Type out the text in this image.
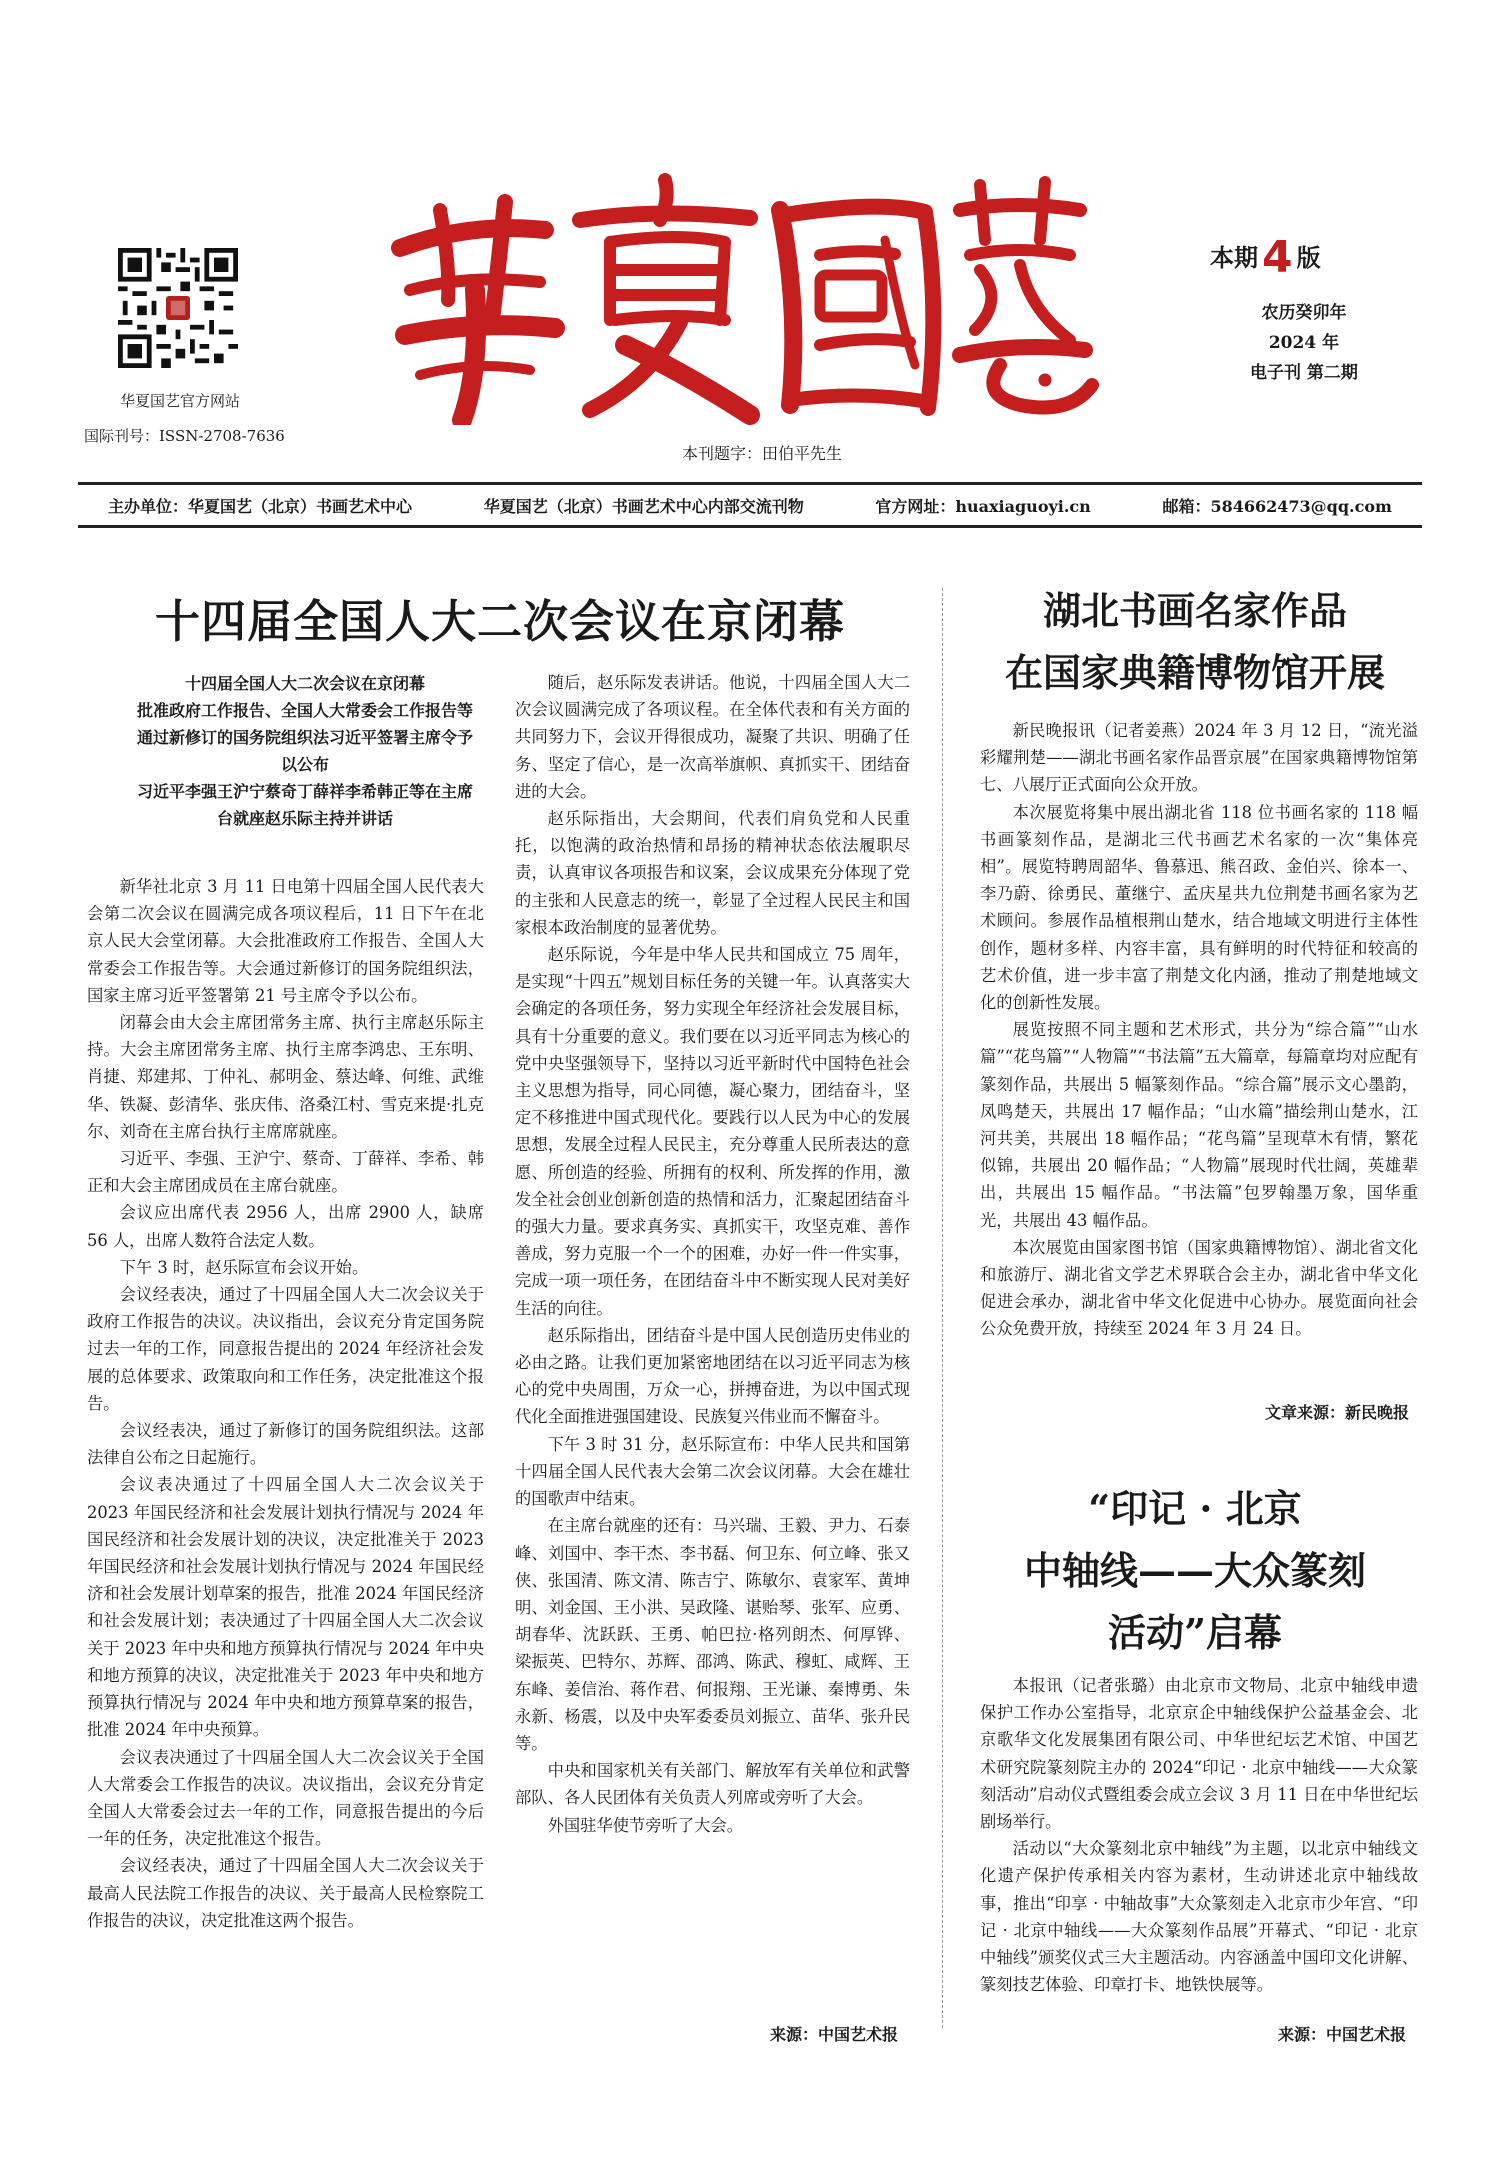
华夏国艺官方网站
国际刊号：ISSN-2708-7636
本刊题字：田伯平先生
本期4 版
农历癸卯年
2024 年
电子刊 第二期
主办单位：华夏国艺（北京）书画艺术中心	华夏国艺（北京）书画艺术中心内部交流刊物	官方网址：huaxiaguoyi.cn	邮箱：584662473@qq.com
十四届全国人大二次会议在京闭幕
十四届全国人大二次会议在京闭幕
批准政府工作报告、全国人大常委会工作报告等
通过新修订的国务院组织法习近平签署主席令予
以公布
习近平李强王沪宁蔡奇丁薛祥李希韩正等在主席
台就座赵乐际主持并讲话

新华社北京 3 月 11 日电第十四届全国人民代表大会第二次会议在圆满完成各项议程后，11 日下午在北京人民大会堂闭幕。大会批准政府工作报告、全国人大常委会工作报告等。大会通过新修订的国务院组织法，国家主席习近平签署第 21 号主席令予以公布。

闭幕会由大会主席团常务主席、执行主席赵乐际主持。大会主席团常务主席、执行主席李鸿忠、王东明、肖捷、郑建邦、丁仲礼、郝明金、蔡达峰、何维、武维华、铁凝、彭清华、张庆伟、洛桑江村、雪克来提·扎克尔、刘奇在主席台执行主席席就座。

习近平、李强、王沪宁、蔡奇、丁薛祥、李希、韩正和大会主席团成员在主席台就座。

会议应出席代表 2956 人，出席 2900 人，缺席 56 人，出席人数符合法定人数。

下午 3 时，赵乐际宣布会议开始。

会议经表决，通过了十四届全国人大二次会议关于政府工作报告的决议。决议指出，会议充分肯定国务院过去一年的工作，同意报告提出的 2024 年经济社会发展的总体要求、政策取向和工作任务，决定批准这个报告。

会议经表决，通过了新修订的国务院组织法。这部法律自公布之日起施行。

会议表决通过了十四届全国人大二次会议关于 2023 年国民经济和社会发展计划执行情况与 2024 年国民经济和社会发展计划的决议，决定批准关于 2023 年国民经济和社会发展计划执行情况与 2024 年国民经济和社会发展计划草案的报告，批准 2024 年国民经济和社会发展计划；表决通过了十四届全国人大二次会议关于 2023 年中央和地方预算执行情况与 2024 年中央和地方预算的决议，决定批准关于 2023 年中央和地方预算执行情况与 2024 年中央和地方预算草案的报告，批准 2024 年中央预算。

会议表决通过了十四届全国人大二次会议关于全国人大常委会工作报告的决议。决议指出，会议充分肯定全国人大常委会过去一年的工作，同意报告提出的今后一年的任务，决定批准这个报告。

会议经表决，通过了十四届全国人大二次会议关于最高人民法院工作报告的决议、关于最高人民检察院工作报告的决议，决定批准这两个报告。

随后，赵乐际发表讲话。他说，十四届全国人大二次会议圆满完成了各项议程。在全体代表和有关方面的共同努力下，会议开得很成功，凝聚了共识、明确了任务、坚定了信心，是一次高举旗帜、真抓实干、团结奋进的大会。

赵乐际指出，大会期间，代表们肩负党和人民重托，以饱满的政治热情和昂扬的精神状态依法履职尽责，认真审议各项报告和议案，会议成果充分体现了党的主张和人民意志的统一，彰显了全过程人民民主和国家根本政治制度的显著优势。

赵乐际说，今年是中华人民共和国成立 75 周年，是实现“十四五”规划目标任务的关键一年。认真落实大会确定的各项任务，努力实现全年经济社会发展目标，具有十分重要的意义。我们要在以习近平同志为核心的党中央坚强领导下，坚持以习近平新时代中国特色社会主义思想为指导，同心同德，凝心聚力，团结奋斗，坚定不移推进中国式现代化。要践行以人民为中心的发展思想，发展全过程人民民主，充分尊重人民所表达的意愿、所创造的经验、所拥有的权利、所发挥的作用，激发全社会创业创新创造的热情和活力，汇聚起团结奋斗的强大力量。要求真务实、真抓实干，攻坚克难、善作善成，努力克服一个一个的困难，办好一件一件实事，完成一项一项任务，在团结奋斗中不断实现人民对美好生活的向往。

赵乐际指出，团结奋斗是中国人民创造历史伟业的必由之路。让我们更加紧密地团结在以习近平同志为核心的党中央周围，万众一心，拼搏奋进，为以中国式现代化全面推进强国建设、民族复兴伟业而不懈奋斗。

下午 3 时 31 分，赵乐际宣布：中华人民共和国第十四届全国人民代表大会第二次会议闭幕。大会在雄壮的国歌声中结束。

在主席台就座的还有：马兴瑞、王毅、尹力、石泰峰、刘国中、李干杰、李书磊、何卫东、何立峰、张又侠、张国清、陈文清、陈吉宁、陈敏尔、袁家军、黄坤明、刘金国、王小洪、吴政隆、谌贻琴、张军、应勇、胡春华、沈跃跃、王勇、帕巴拉·格列朗杰、何厚铧、梁振英、巴特尔、苏辉、邵鸿、陈武、穆虹、咸辉、王东峰、姜信治、蒋作君、何报翔、王光谦、秦博勇、朱永新、杨震，以及中央军委委员刘振立、苗华、张升民等。

中央和国家机关有关部门、解放军有关单位和武警部队、各人民团体有关负责人列席或旁听了大会。

外国驻华使节旁听了大会。

来源：中国艺术报
湖北书画名家作品
在国家典籍博物馆开展

新民晚报讯（记者姜燕）2024 年 3 月 12 日，“流光溢彩耀荆楚——湖北书画名家作品晋京展”在国家典籍博物馆第七、八展厅正式面向公众开放。

本次展览将集中展出湖北省 118 位书画名家的 118 幅书画篆刻作品，是湖北三代书画艺术名家的一次“集体亮相”。展览特聘周韶华、鲁慕迅、熊召政、金伯兴、徐本一、李乃蔚、徐勇民、董继宁、孟庆星共九位荆楚书画名家为艺术顾问。参展作品植根荆山楚水，结合地域文明进行主体性创作，题材多样、内容丰富，具有鲜明的时代特征和较高的艺术价值，进一步丰富了荆楚文化内涵，推动了荆楚地域文化的创新性发展。

展览按照不同主题和艺术形式，共分为“综合篇”“山水篇”“花鸟篇”“人物篇”“书法篇”五大篇章，每篇章均对应配有篆刻作品，共展出 5 幅篆刻作品。“综合篇”展示文心墨韵，凤鸣楚天，共展出 17 幅作品；“山水篇”描绘荆山楚水，江河共美，共展出 18 幅作品；“花鸟篇”呈现草木有情，繁花似锦，共展出 20 幅作品；“人物篇”展现时代壮阔，英雄辈出，共展出 15 幅作品。“书法篇”包罗翰墨万象，国华重光，共展出 43 幅作品。

本次展览由国家图书馆（国家典籍博物馆）、湖北省文化和旅游厅、湖北省文学艺术界联合会主办，湖北省中华文化促进会承办，湖北省中华文化促进中心协办。展览面向社会公众免费开放，持续至 2024 年 3 月 24 日。

文章来源：新民晚报
“印记 · 北京
中轴线——大众篆刻
活动”启幕

本报讯（记者张璐）由北京市文物局、北京中轴线申遗保护工作办公室指导，北京京企中轴线保护公益基金会、北京歌华文化发展集团有限公司、中华世纪坛艺术馆、中国艺术研究院篆刻院主办的 2024“印记 · 北京中轴线——大众篆刻活动”启动仪式暨组委会成立会议 3 月 11 日在中华世纪坛剧场举行。

活动以“大众篆刻北京中轴线”为主题，以北京中轴线文化遗产保护传承相关内容为素材，生动讲述北京中轴线故事，推出“印享 · 中轴故事”大众篆刻走入北京市少年宫、“印记 · 北京中轴线——大众篆刻作品展”开幕式、“印记 · 北京中轴线”颁奖仪式三大主题活动。内容涵盖中国印文化讲解、篆刻技艺体验、印章打卡、地铁快展等。

来源：中国艺术报
